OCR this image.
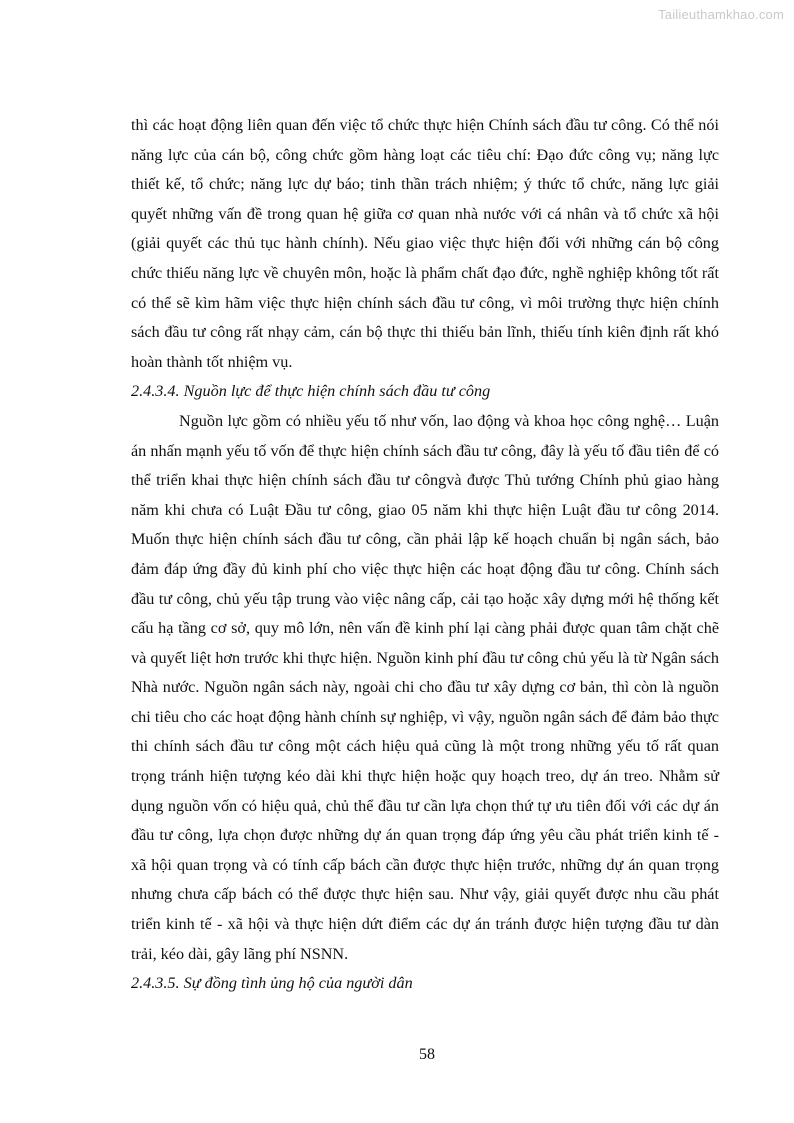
Tailieuthamkhao.com

thì các hoạt động liên quan đến việc tổ chức thực hiện Chính sách đầu tư công. Có thể nói năng lực của cán bộ, công chức gồm hàng loạt các tiêu chí: Đạo đức công vụ; năng lực thiết kế, tổ chức; năng lực dự báo; tinh thần trách nhiệm; ý thức tổ chức, năng lực giải quyết những vấn đề trong quan hệ giữa cơ quan nhà nước với cá nhân và tổ chức xã hội (giải quyết các thủ tục hành chính). Nếu giao việc thực hiện đối với những cán bộ công chức thiếu năng lực về chuyên môn, hoặc là phẩm chất đạo đức, nghề nghiệp không tốt rất có thể sẽ kìm hãm việc thực hiện chính sách đầu tư công, vì môi trường thực hiện chính sách đầu tư công rất nhạy cảm, cán bộ thực thi thiếu bản lĩnh, thiếu tính kiên định rất khó hoàn thành tốt nhiệm vụ.

2.4.3.4. Nguồn lực để thực hiện chính sách đầu tư công

Nguồn lực gồm có nhiều yếu tố như vốn, lao động và khoa học công nghệ… Luận án nhấn mạnh yếu tố vốn để thực hiện chính sách đầu tư công, đây là yếu tố đầu tiên để có thể triển khai thực hiện chính sách đầu tư côngvà được Thủ tướng Chính phủ giao hàng năm khi chưa có Luật Đầu tư công, giao 05 năm khi thực hiện Luật đầu tư công 2014. Muốn thực hiện chính sách đầu tư công, cần phải lập kế hoạch chuẩn bị ngân sách, bảo đảm đáp ứng đầy đủ kinh phí cho việc thực hiện các hoạt động đầu tư công. Chính sách đầu tư công, chủ yếu tập trung vào việc nâng cấp, cải tạo hoặc xây dựng mới hệ thống kết cấu hạ tầng cơ sở, quy mô lớn, nên vấn đề kinh phí lại càng phải được quan tâm chặt chẽ và quyết liệt hơn trước khi thực hiện. Nguồn kinh phí đầu tư công chủ yếu là từ Ngân sách Nhà nước. Nguồn ngân sách này, ngoài chi cho đầu tư xây dựng cơ bản, thì còn là nguồn chi tiêu cho các hoạt động hành chính sự nghiệp, vì vậy, nguồn ngân sách để đảm bảo thực thi chính sách đầu tư công một cách hiệu quả cũng là một trong những yếu tố rất quan trọng tránh hiện tượng kéo dài khi thực hiện hoặc quy hoạch treo, dự án treo. Nhằm sử dụng nguồn vốn có hiệu quả, chủ thể đầu tư cần lựa chọn thứ tự ưu tiên đối với các dự án đầu tư công, lựa chọn được những dự án quan trọng đáp ứng yêu cầu phát triển kinh tế - xã hội quan trọng và có tính cấp bách cần được thực hiện trước, những dự án quan trọng nhưng chưa cấp bách có thể được thực hiện sau. Như vậy, giải quyết được nhu cầu phát triển kinh tế - xã hội và thực hiện dứt điểm các dự án tránh được hiện tượng đầu tư dàn trải, kéo dài, gây lãng phí NSNN.

2.4.3.5. Sự đồng tình ủng hộ của người dân

58
